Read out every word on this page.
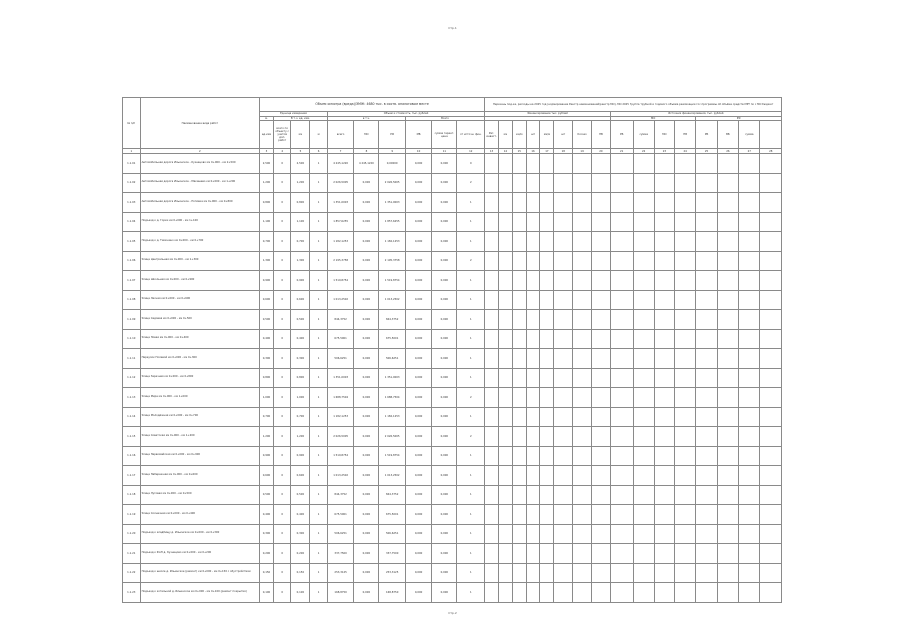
Стр.1
№ п/п	Наименование вида работ	Объем осмотра (вреда)/ЭМЖ: 4680 тыс. в соотв. аналоговом месте										Перечень под-ка, расходы на 2025 год (нормирование Реестр наименований/реестр МО), МО 2025 Группа трубной и годового объёма реализации гос программы об объёме средств МРТ по с МО бюджет															
		Ед-ница измерения				Объем и стоимость, тыс. рублей						Финансирование тыс. рублей								Источник финансирования, тыс. рублей							
		м.	В т.ч. ед. изм.			в т.ч.			Всего											МО				РФ			
		ед.изм	всего по объекту с учетом доп. работ	км	м	всего	МО	РФ	МБ	сумма гарант. цена	от источн. фин.	Рег. инвест.	км	км/м	шт	км/м	шт	Кол-во	ПВ	РБ	сумма	МО	ПВ	РБ	ВБ	сумма	
1	2	3	4	5	6	7	8	9	10	11	12	13	14	15	16	17	18	19	20	21	22	23	24	25	26	27	28
1.1.01	Автомобильная дорога Ильинское - Кузнецово км 0+000 - км 2+500	2,500	0	2,500	1	4 245,1220	4 245,1220	0,00000	0,000	0,000	0																
1.1.02	Автомобильная дорога Ильинское - Мякишево км 0+000 - км 1+200	1,200	0	1,200	1	2 026,5005	0,000	2 026,5005	0,000	0,000	2																
1.1.03	Автомобильная дорога Ильинское - Поповка км 0+000 - км 0+800	0,800	0	0,800	1	1 351,0003	0,000	1 351,0003	0,000	0,000	1																
1.1.04	Подъезд к д. Горки км 0+000 - км 1+100	1,100	0	1,100	1	1 857,6255	0,000	1 857,6255	0,000	0,000	1																
1.1.05	Подъезд к д. Тимонино км 0+000 - км 0+700	0,700	0	0,700	1	1 182,1253	0,000	1 182,1253	0,000	0,000	1																
1.1.06	Улица Центральная км 0+000 - км 1+300	1,300	0	1,300	1	2 195,3758	0,000	2 195,3758	0,000	0,000	2																
1.1.07	Улица Школьная км 0+000 - км 0+900	0,900	0	0,900	1	1 519,8754	0,000	1 519,8754	0,000	0,000	1																
1.1.08	Улица Лесная км 0+000 - км 0+600	0,600	0	0,600	1	1 013,2502	0,000	1 013,2502	0,000	0,000	1																
1.1.09	Улица Садовая км 0+000 - км 0+500	0,500	0	0,500	1	844,3752	0,000	844,3752	0,000	0,000	1																
1.1.10	Улица Новая км 0+000 - км 0+400	0,400	0	0,400	1	675,5001	0,000	675,5001	0,000	0,000	1																
1.1.11	Переулок Полевой км 0+000 - км 0+300	0,300	0	0,300	1	506,6251	0,000	506,6251	0,000	0,000	1																
1.1.12	Улица Заречная км 0+000 - км 0+800	0,800	0	0,800	1	1 351,0003	0,000	1 351,0003	0,000	0,000	1																
1.1.13	Улица Мира км 0+000 - км 1+000	1,000	0	1,000	1	1 688,7504	0,000	1 688,7504	0,000	0,000	2																
1.1.14	Улица Молодёжная км 0+000 - км 0+700	0,700	0	0,700	1	1 182,1253	0,000	1 182,1253	0,000	0,000	1																
1.1.15	Улица Советская км 0+000 - км 1+200	1,200	0	1,200	1	2 026,5005	0,000	2 026,5005	0,000	0,000	2																
1.1.16	Улица Первомайская км 0+000 - км 0+900	0,900	0	0,900	1	1 519,8754	0,000	1 519,8754	0,000	0,000	1																
1.1.17	Улица Набережная км 0+000 - км 0+600	0,600	0	0,600	1	1 013,2502	0,000	1 013,2502	0,000	0,000	1																
1.1.18	Улица Луговая км 0+000 - км 0+500	0,500	0	0,500	1	844,3752	0,000	844,3752	0,000	0,000	1																
1.1.19	Улица Солнечная км 0+000 - км 0+400	0,400	0	0,400	1	675,5001	0,000	675,5001	0,000	0,000	1																
1.1.20	Подъезд к кладбищу д. Ильинское км 0+000 - км 0+300	0,300	0	0,300	1	506,6251	0,000	506,6251	0,000	0,000	1																
1.1.21	Подъезд к ФАП д. Кузнецово км 0+000 - км 0+200	0,200	0	0,200	1	337,7500	0,000	337,7500	0,000	0,000	1																
1.1.22	Подъезд к школе д. Ильинское (ремонт) км 0+000 - км 0+150 с обустройством	0,150	0	0,150	1	253,3125	0,000	253,3125	0,000	0,000	1																
1.1.23	Подъезд к котельной д. Ильинское км 0+000 - км 0+100 (ремонт покрытия)	0,100	0	0,100	1	168,8750	0,000	168,8750	0,000	0,000	1																
Стр.2
